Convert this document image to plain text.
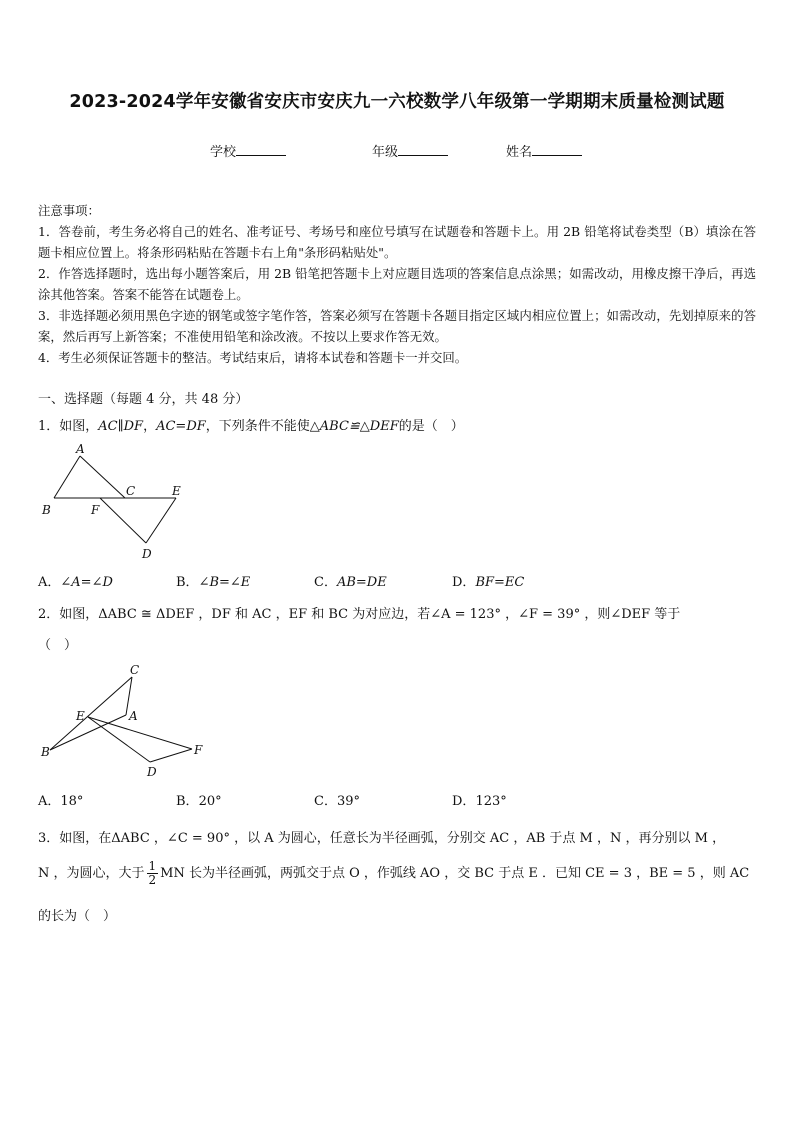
2023-2024学年安徽省安庆市安庆九一六校数学八年级第一学期期末质量检测试题
学校	年级	姓名

注意事项：

1．答卷前，考生务必将自己的姓名、准考证号、考场号和座位号填写在试题卷和答题卡上。用 2B 铅笔将试卷类型（B）填涂在答题卡相应位置上。将条形码粘贴在答题卡右上角"条形码粘贴处"。

2．作答选择题时，选出每小题答案后，用 2B 铅笔把答题卡上对应题目选项的答案信息点涂黑；如需改动，用橡皮擦干净后，再选涂其他答案。答案不能答在试题卷上。

3．非选择题必须用黑色字迹的钢笔或签字笔作答，答案必须写在答题卡各题目指定区域内相应位置上；如需改动，先划掉原来的答案，然后再写上新答案；不准使用铅笔和涂改液。不按以上要求作答无效。

4．考生必须保证答题卡的整洁。考试结束后，请将本试卷和答题卡一并交回。

一、选择题（每题 4 分，共 48 分）
1．如图，AC∥DF，AC=DF，下列条件不能使△ABC≌△DEF的是（　）
A
B
C
D
E
F
A．∠A=∠D	B．∠B=∠E	C．AB=DE	D．BF=EC
2．如图，ΔABC ≅ ΔDEF ，DF 和 AC ，EF 和 BC 为对应边，若∠A = 123° ，∠F = 39° ，则∠DEF 等于
（　）
C
A
E
B	F
D
A．18°	B．20°	C．39°	D．123°
3．如图，在ΔABC ，∠C = 90° ，以 A 为圆心，任意长为半径画弧，分别交 AC ，AB 于点 M ，N ，再分别以 M ，
N ，为圆心，大于 $\frac{1}{2}$ MN 长为半径画弧，两弧交于点 O ，作弧线 AO ，交 BC 于点 E ．已知 CE = 3 ，BE = 5 ，则 AC
的长为（　）
